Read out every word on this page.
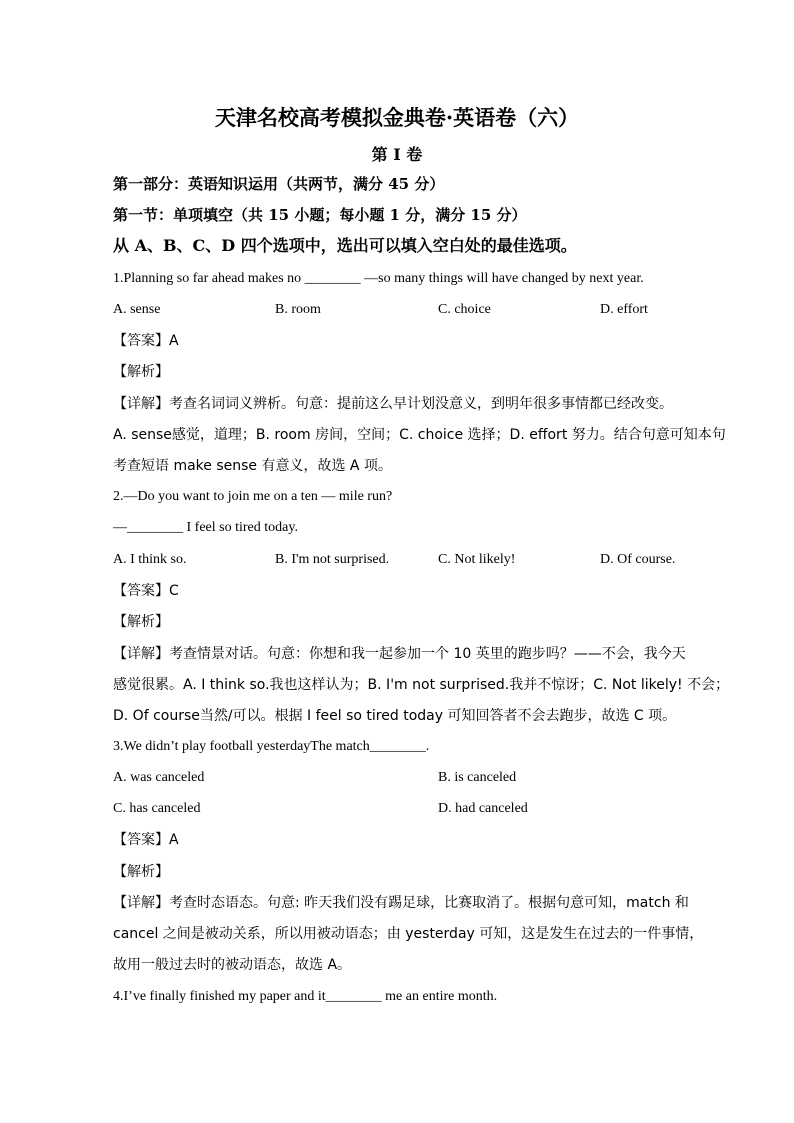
天津名校高考模拟金典卷·英语卷（六）
第 I 卷
第一部分：英语知识运用（共两节，满分 45 分）
第一节：单项填空（共 15 小题；每小题 1 分，满分 15 分）
从 A、B、C、D 四个选项中，选出可以填入空白处的最佳选项。
1.Planning so far ahead makes no ________ —so many things will have changed by next year.
A. sense	B. room	C. choice	D. effort
【答案】A
【解析】
【详解】考查名词词义辨析。句意：提前这么早计划没意义，到明年很多事情都已经改变。
A. sense感觉，道理；B. room 房间，空间；C. choice 选择；D. effort 努力。结合句意可知本句
考查短语 make sense 有意义，故选 A 项。
2.—Do you want to join me on a ten — mile run?
—________ I feel so tired today.
A. I think so.	B. I'm not surprised.	C. Not likely!	D. Of course.
【答案】C
【解析】
【详解】考查情景对话。句意：你想和我一起参加一个 10 英里的跑步吗？——不会，我今天
感觉很累。A. I think so.我也这样认为；B. I'm not surprised.我并不惊讶；C. Not likely! 不会；
D. Of course当然/可以。根据 I feel so tired today 可知回答者不会去跑步，故选 C 项。
3.We didn’t play football yesterdayThe match________.
A. was canceled	B. is canceled
C. has canceled	D. had canceled
【答案】A
【解析】
【详解】考查时态语态。句意: 昨天我们没有踢足球，比赛取消了。根据句意可知，match 和
cancel 之间是被动关系，所以用被动语态；由 yesterday 可知，这是发生在过去的一件事情，
故用一般过去时的被动语态，故选 A。
4.I’ve finally finished my paper and it________ me an entire month.
